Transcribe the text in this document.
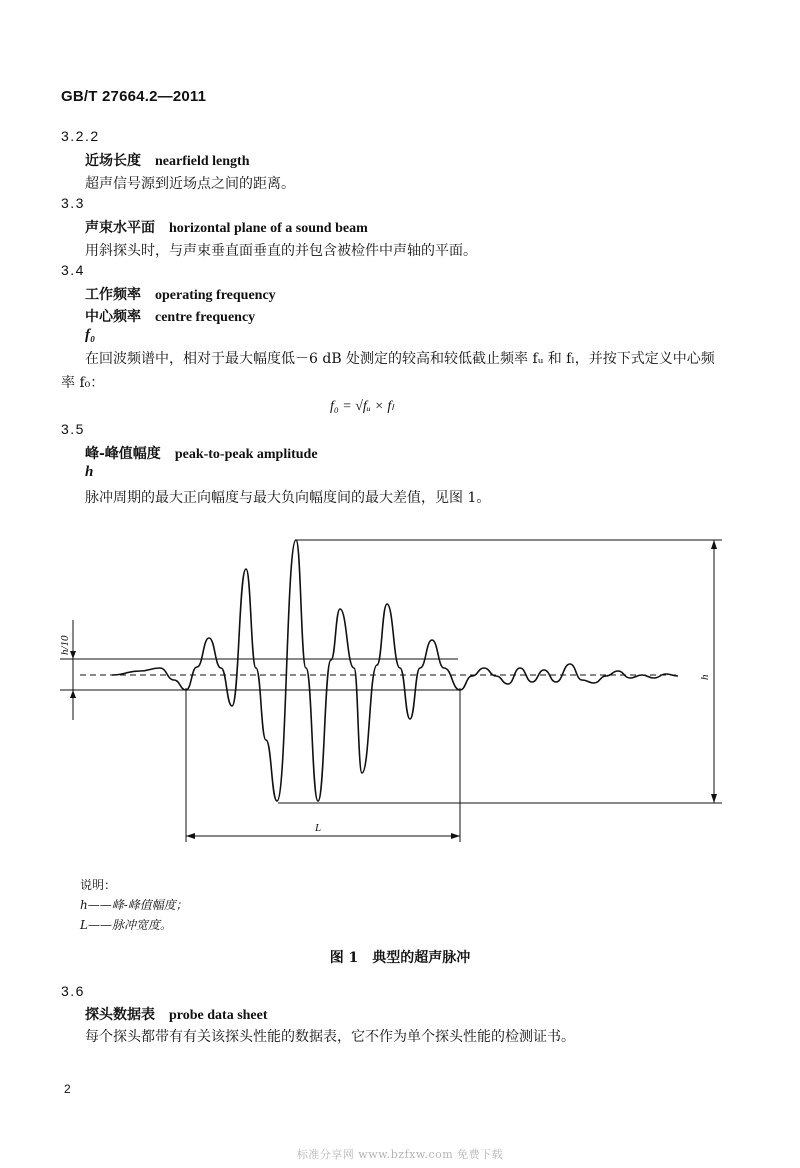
GB/T 27664.2—2011
3.2.2
近场长度 nearfield length
超声信号源到近场点之间的距离。
3.3
声束水平面 horizontal plane of a sound beam
用斜探头时，与声束垂直面垂直的并包含被检件中声轴的平面。
3.4
工作频率 operating frequency
中心频率 centre frequency
f₀
在回波频谱中，相对于最大幅度低－6 dB 处测定的较高和较低截止频率 fᵤ 和 fₗ，并按下式定义中心频率 f₀：
f₀ = √fᵤ × fₗ
3.5
峰-峰值幅度 peak-to-peak amplitude
h
脉冲周期的最大正向幅度与最大负向幅度间的最大差值，见图 1。
h/10
h
L
说明：
h——峰-峰值幅度；
L——脉冲宽度。
图 1　典型的超声脉冲
3.6
探头数据表 probe data sheet
每个探头都带有有关该探头性能的数据表，它不作为单个探头性能的检测证书。
2
标准分享网 www.bzfxw.com 免费下载
